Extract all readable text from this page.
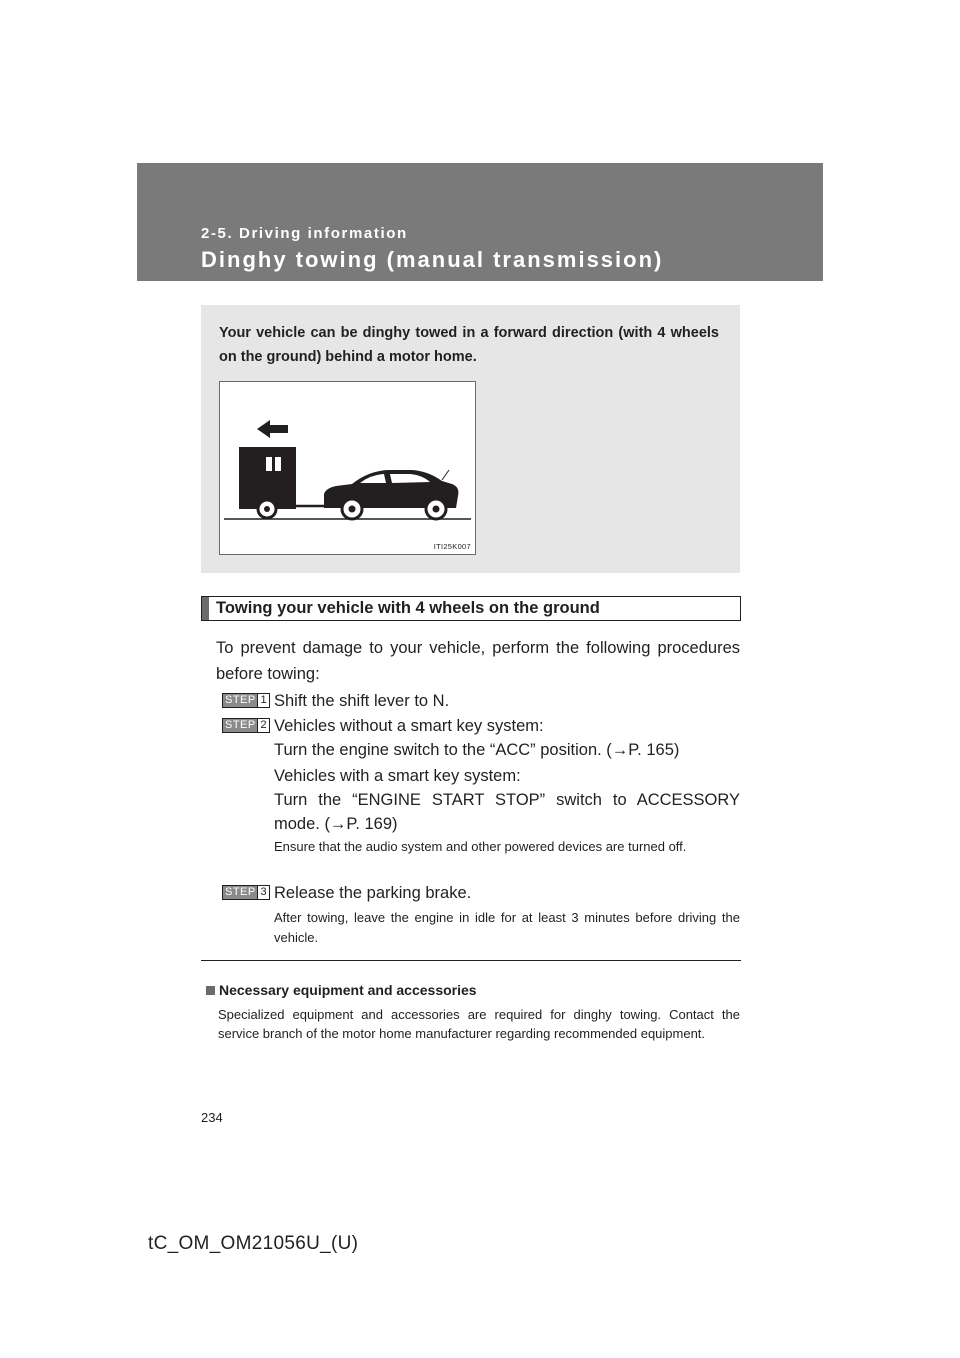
2-5. Driving information
Dinghy towing (manual transmission)
Your vehicle can be dinghy towed in a forward direction (with 4 wheels on the ground) behind a motor home.
ITI25K007
Towing your vehicle with 4 wheels on the ground
To prevent damage to your vehicle, perform the following procedures before towing:
STEP 1 Shift the shift lever to N.
STEP 2 Vehicles without a smart key system:
Turn the engine switch to the “ACC” position. (→P. 165)
Vehicles with a smart key system:
Turn the “ENGINE START STOP” switch to ACCESSORY mode. (→P. 169)
Ensure that the audio system and other powered devices are turned off.
STEP 3 Release the parking brake.
After towing, leave the engine in idle for at least 3 minutes before driving the vehicle.
Necessary equipment and accessories
Specialized equipment and accessories are required for dinghy towing. Contact the service branch of the motor home manufacturer regarding recommended equipment.
234
tC_OM_OM21056U_(U)
